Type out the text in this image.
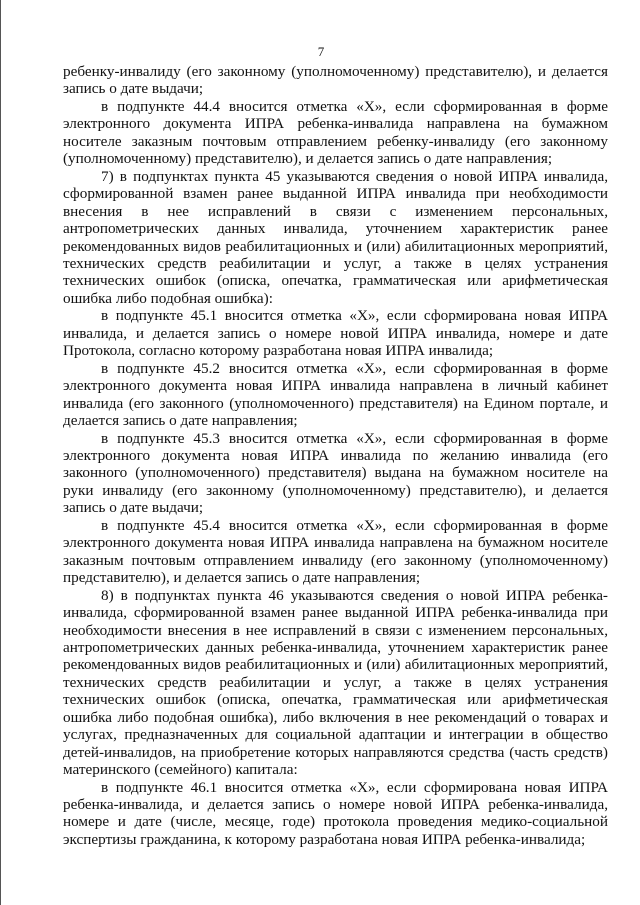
7

ребенку-инвалиду (его законному (уполномоченному) представителю), и делается запись о дате выдачи;

в подпункте 44.4 вносится отметка «Х», если сформированная в форме электронного документа ИПРА ребенка-инвалида направлена на бумажном носителе заказным почтовым отправлением ребенку-инвалиду (его законному (уполномоченному) представителю), и делается запись о дате направления;

7) в подпунктах пункта 45 указываются сведения о новой ИПРА инвалида, сформированной взамен ранее выданной ИПРА инвалида при необходимости внесения в нее исправлений в связи с изменением персональных, антропометрических данных инвалида, уточнением характеристик ранее рекомендованных видов реабилитационных и (или) абилитационных мероприятий, технических средств реабилитации и услуг, а также в целях устранения технических ошибок (описка, опечатка, грамматическая или арифметическая ошибка либо подобная ошибка):

в подпункте 45.1 вносится отметка «Х», если сформирована новая ИПРА инвалида, и делается запись о номере новой ИПРА инвалида, номере и дате Протокола, согласно которому разработана новая ИПРА инвалида;

в подпункте 45.2 вносится отметка «Х», если сформированная в форме электронного документа новая ИПРА инвалида направлена в личный кабинет инвалида (его законного (уполномоченного) представителя) на Едином портале, и делается запись о дате направления;

в подпункте 45.3 вносится отметка «Х», если сформированная в форме электронного документа новая ИПРА инвалида по желанию инвалида (его законного (уполномоченного) представителя) выдана на бумажном носителе на руки инвалиду (его законному (уполномоченному) представителю), и делается запись о дате выдачи;

в подпункте 45.4 вносится отметка «Х», если сформированная в форме электронного документа новая ИПРА инвалида направлена на бумажном носителе заказным почтовым отправлением инвалиду (его законному (уполномоченному) представителю), и делается запись о дате направления;

8) в подпунктах пункта 46 указываются сведения о новой ИПРА ребенка-инвалида, сформированной взамен ранее выданной ИПРА ребенка-инвалида при необходимости внесения в нее исправлений в связи с изменением персональных, антропометрических данных ребенка-инвалида, уточнением характеристик ранее рекомендованных видов реабилитационных и (или) абилитационных мероприятий, технических средств реабилитации и услуг, а также в целях устранения технических ошибок (описка, опечатка, грамматическая или арифметическая ошибка либо подобная ошибка), либо включения в нее рекомендаций о товарах и услугах, предназначенных для социальной адаптации и интеграции в общество детей-инвалидов, на приобретение которых направляются средства (часть средств) материнского (семейного) капитала:

в подпункте 46.1 вносится отметка «Х», если сформирована новая ИПРА ребенка-инвалида, и делается запись о номере новой ИПРА ребенка-инвалида, номере и дате (числе, месяце, годе) протокола проведения медико-социальной экспертизы гражданина, к которому разработана новая ИПРА ребенка-инвалида;
